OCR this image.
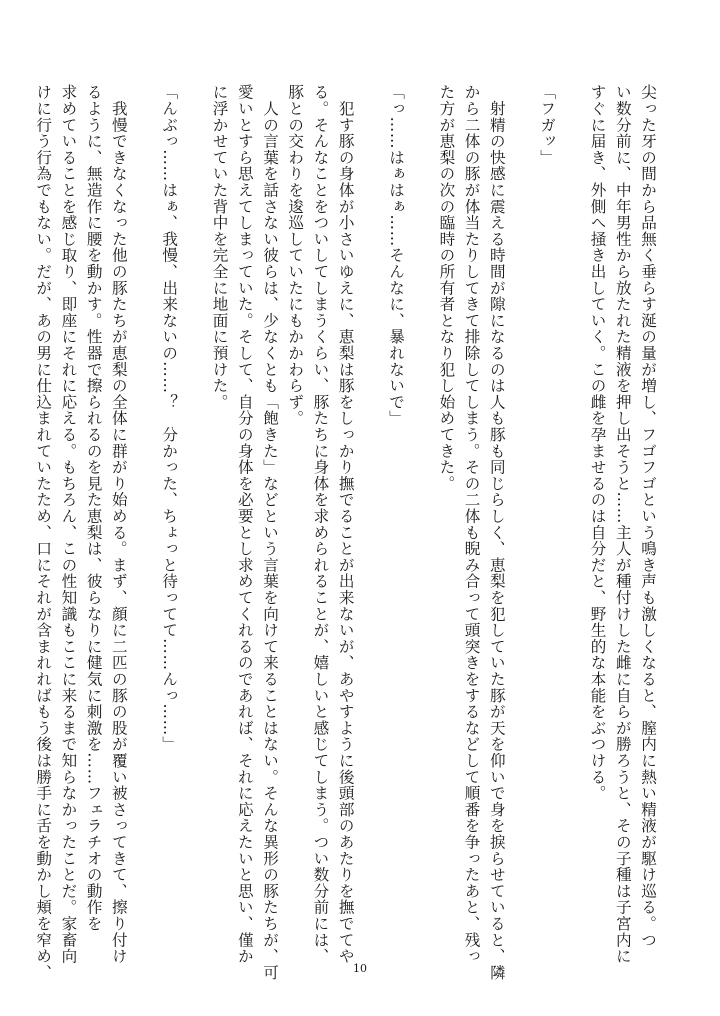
尖った牙の間から品無く垂らす涎の量が増し、フゴフゴという鳴き声も激しくなると、膣内に熱い精液が駆け巡る。つ
い数分前に、中年男性から放たれた精液を押し出そうと……主人が種付けした雌に自らが勝ろうと、その子種は子宮内に
すぐに届き、外側へ掻き出していく。この雌を孕ませるのは自分だと、野生的な本能をぶつける。
「フガッ」
　射精の快感に震える時間が隙になるのは人も豚も同じらしく、恵梨を犯していた豚が天を仰いで身を捩らせていると、隣
から二体の豚が体当たりしてきて排除してしまう。その二体も睨み合って頭突きをするなどして順番を争ったあと、残っ
た方が恵梨の次の臨時の所有者となり犯し始めてきた。
「っ……はぁはぁ……そんなに、暴れないで」
　犯す豚の身体が小さいゆえに、恵梨は豚をしっかり撫でることが出来ないが、あやすように後頭部のあたりを撫でてや
る。そんなことをついしてしまうくらい、豚たちに身体を求められることが、嬉しいと感じてしまう。つい数分前には、
豚との交わりを逡巡していたにもかかわらず。
　人の言葉を話さない彼らは、少なくとも「飽きた」などという言葉を向けて来ることはない。そんな異形の豚たちが、可
愛いとすら思えてしまっていた。そして、自分の身体を必要とし求めてくれるのであれば、それに応えたいと思い、僅か
に浮かせていた背中を完全に地面に預けた。
「んぶっ……はぁ、我慢、出来ないの……？　分かった、ちょっと待ってて……んっ……」
　我慢できなくなった他の豚たちが恵梨の全体に群がり始める。まず、顔に二匹の豚の股が覆い被さってきて、擦り付け
るように、無造作に腰を動かす。性器で擦られるのを見た恵梨は、彼らなりに健気に刺激を……フェラチオの動作を
求めていることを感じ取り、即座にそれに応える。もちろん、この性知識もここに来るまで知らなかったことだ。家畜向
けに行う行為でもない。だが、あの男に仕込まれていたため、口にそれが含まれればもう後は勝手に舌を動かし頬を窄め、	10
